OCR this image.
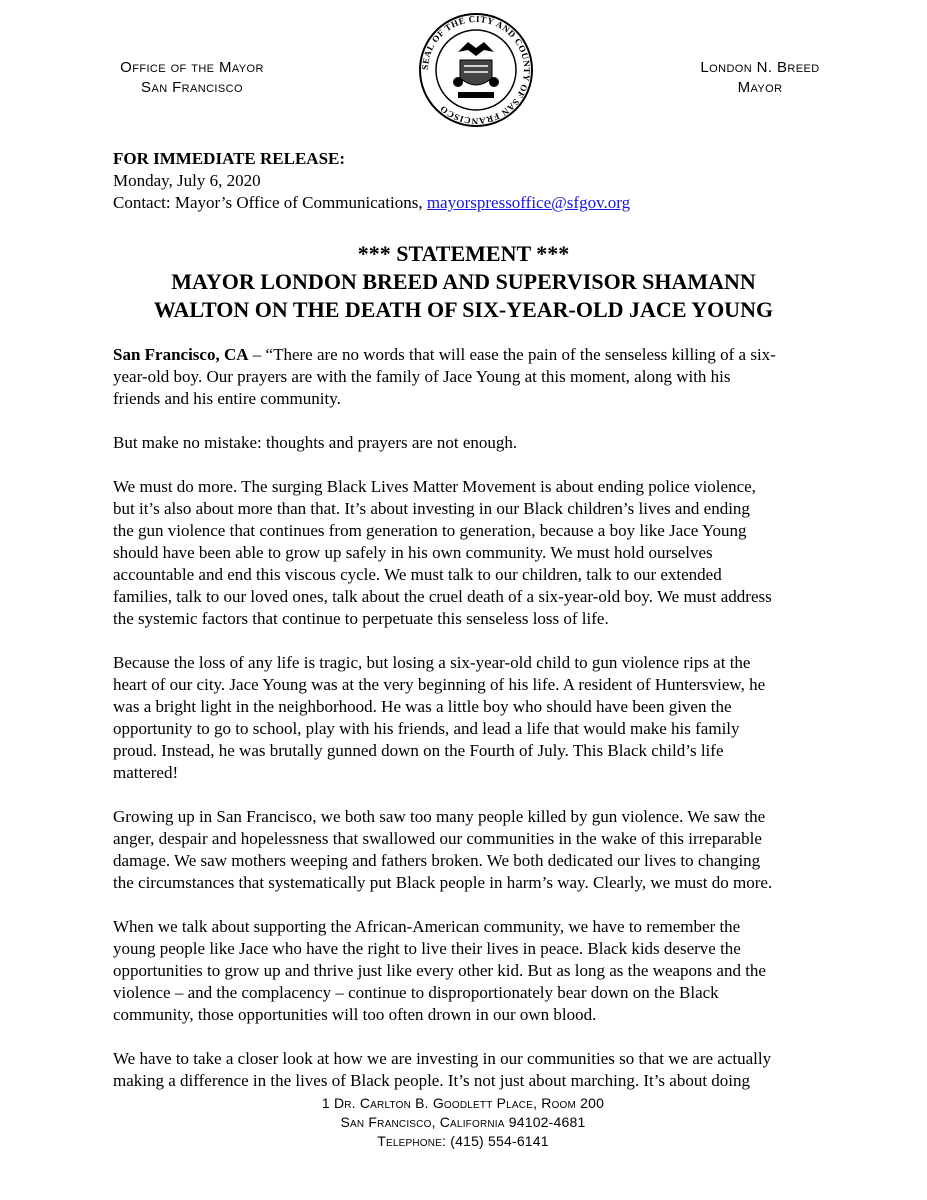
Office of the Mayor
San Francisco
SEAL OF THE CITY AND COUNTY OF SAN FRANCISCO
London N. Breed
Mayor
FOR IMMEDIATE RELEASE:
Monday, July 6, 2020
Contact: Mayor’s Office of Communications, mayorspressoffice@sfgov.org
*** STATEMENT ***
MAYOR LONDON BREED AND SUPERVISOR SHAMANN
WALTON ON THE DEATH OF SIX-YEAR-OLD JACE YOUNG
San Francisco, CA – “There are no words that will ease the pain of the senseless killing of a six-
year-old boy. Our prayers are with the family of Jace Young at this moment, along with his
friends and his entire community.
But make no mistake: thoughts and prayers are not enough.
We must do more. The surging Black Lives Matter Movement is about ending police violence,
but it’s also about more than that. It’s about investing in our Black children’s lives and ending
the gun violence that continues from generation to generation, because a boy like Jace Young
should have been able to grow up safely in his own community. We must hold ourselves
accountable and end this viscous cycle. We must talk to our children, talk to our extended
families, talk to our loved ones, talk about the cruel death of a six-year-old boy. We must address
the systemic factors that continue to perpetuate this senseless loss of life.
Because the loss of any life is tragic, but losing a six-year-old child to gun violence rips at the
heart of our city. Jace Young was at the very beginning of his life. A resident of Huntersview, he
was a bright light in the neighborhood. He was a little boy who should have been given the
opportunity to go to school, play with his friends, and lead a life that would make his family
proud. Instead, he was brutally gunned down on the Fourth of July. This Black child’s life
mattered!
Growing up in San Francisco, we both saw too many people killed by gun violence. We saw the
anger, despair and hopelessness that swallowed our communities in the wake of this irreparable
damage. We saw mothers weeping and fathers broken. We both dedicated our lives to changing
the circumstances that systematically put Black people in harm’s way. Clearly, we must do more.
When we talk about supporting the African-American community, we have to remember the
young people like Jace who have the right to live their lives in peace. Black kids deserve the
opportunities to grow up and thrive just like every other kid. But as long as the weapons and the
violence – and the complacency – continue to disproportionately bear down on the Black
community, those opportunities will too often drown in our own blood.
We have to take a closer look at how we are investing in our communities so that we are actually
making a difference in the lives of Black people. It’s not just about marching. It’s about doing
1 Dr. Carlton B. Goodlett Place, Room 200
San Francisco, California 94102-4681
Telephone: (415) 554-6141
